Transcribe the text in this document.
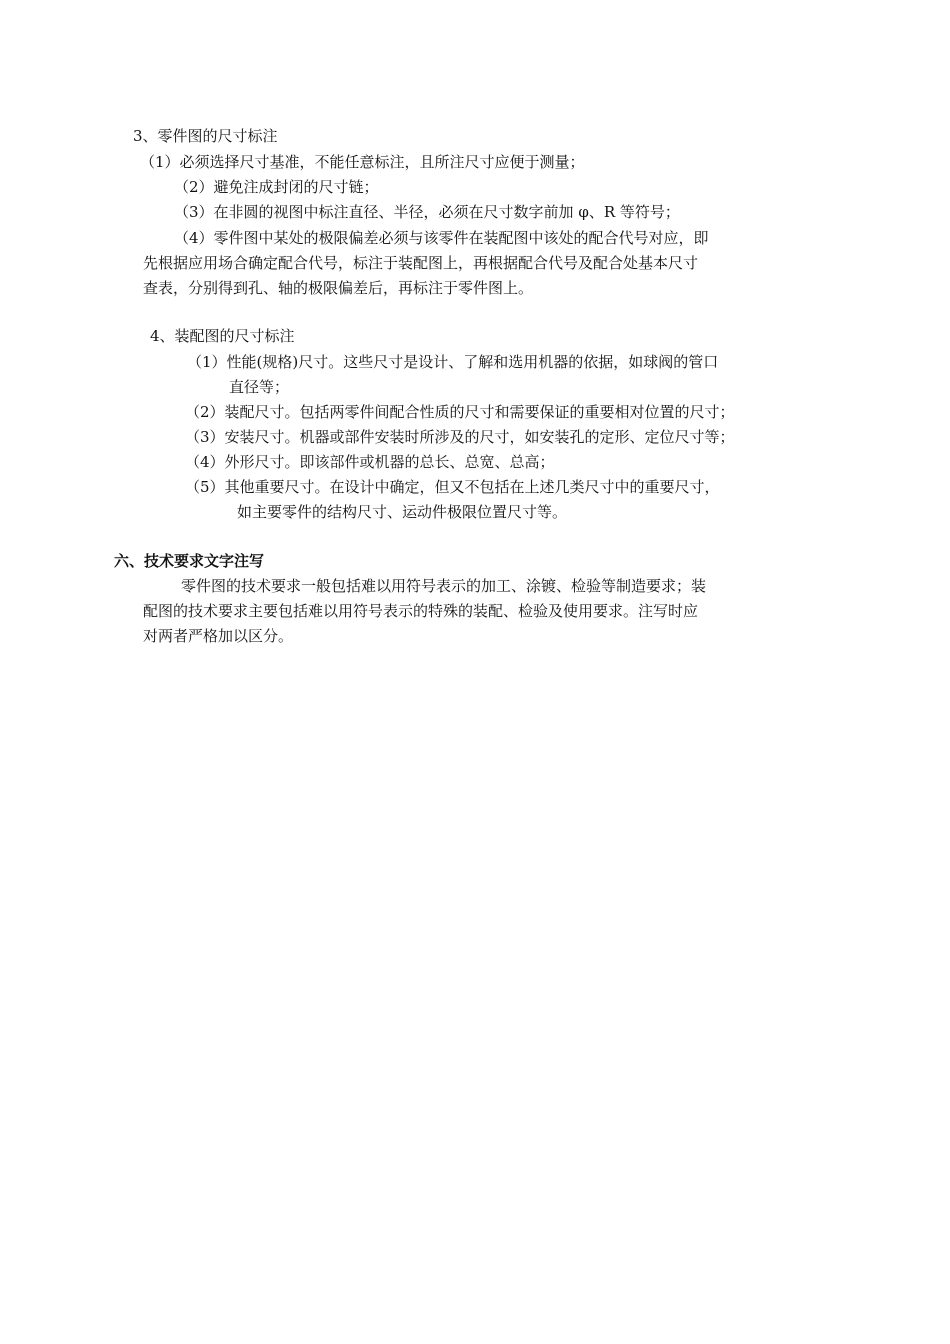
3、零件图的尺寸标注
（1）必须选择尺寸基准，不能任意标注，且所注尺寸应便于测量；
（2）避免注成封闭的尺寸链；
（3）在非圆的视图中标注直径、半径，必须在尺寸数字前加 φ、R 等符号；
（4）零件图中某处的极限偏差必须与该零件在装配图中该处的配合代号对应，即
先根据应用场合确定配合代号，标注于装配图上，再根据配合代号及配合处基本尺寸
查表，分别得到孔、轴的极限偏差后，再标注于零件图上。
4、装配图的尺寸标注
（1）性能(规格)尺寸。这些尺寸是设计、了解和选用机器的依据，如球阀的管口
直径等；
（2）装配尺寸。包括两零件间配合性质的尺寸和需要保证的重要相对位置的尺寸；
（3）安装尺寸。机器或部件安装时所涉及的尺寸，如安装孔的定形、定位尺寸等；
（4）外形尺寸。即该部件或机器的总长、总宽、总高；
（5）其他重要尺寸。在设计中确定，但又不包括在上述几类尺寸中的重要尺寸，
如主要零件的结构尺寸、运动件极限位置尺寸等。
六、技术要求文字注写
零件图的技术要求一般包括难以用符号表示的加工、涂镀、检验等制造要求；装
配图的技术要求主要包括难以用符号表示的特殊的装配、检验及使用要求。注写时应
对两者严格加以区分。
